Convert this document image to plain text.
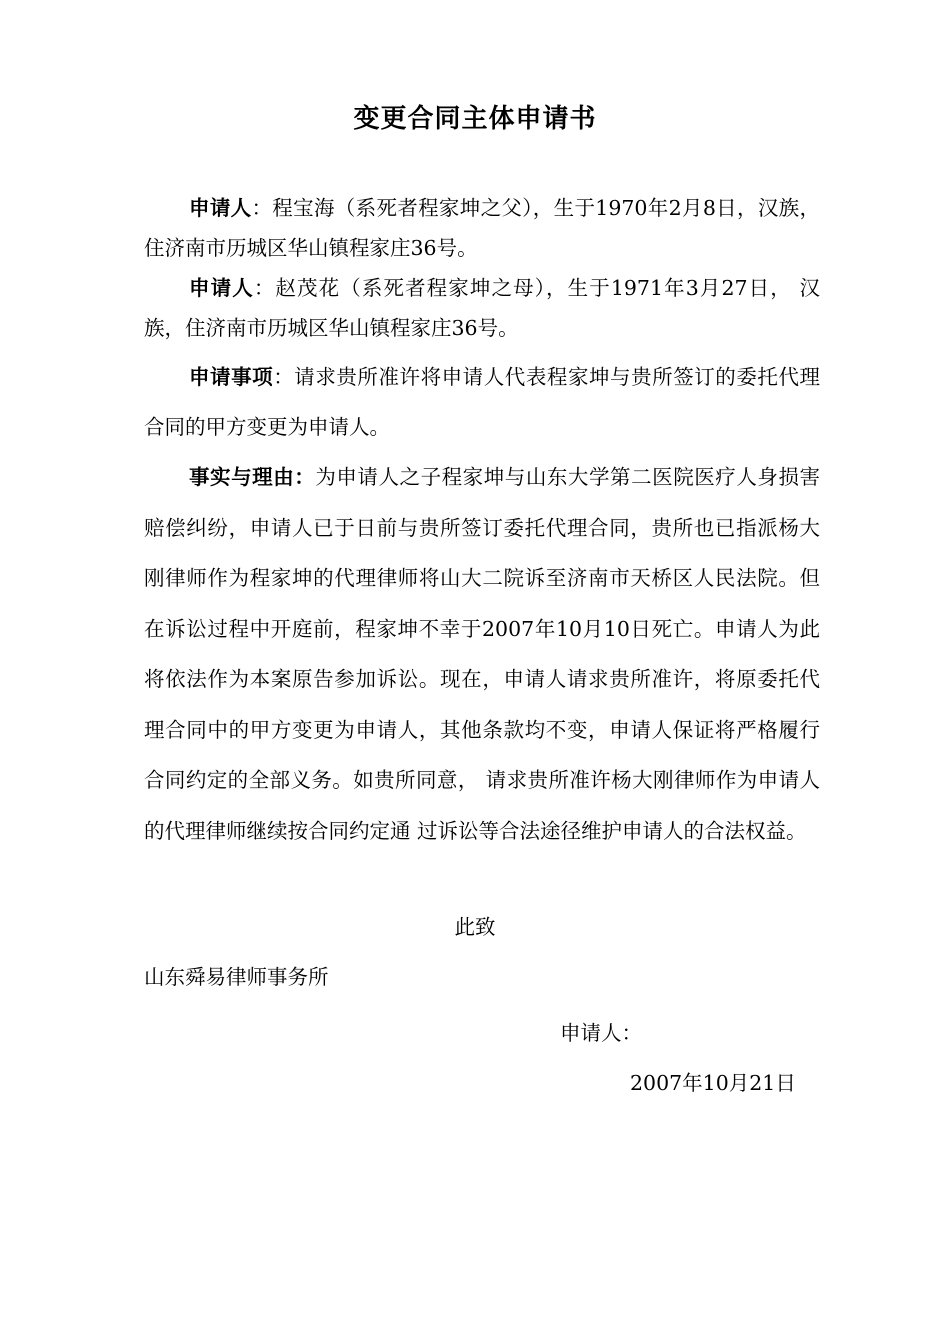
变更合同主体申请书

申请人：程宝海（系死者程家坤之父），生于1970年2月8日，汉族，住济南市历城区华山镇程家庄36号。

申请人：赵茂花（系死者程家坤之母），生于1971年3月27日， 汉族，住济南市历城区华山镇程家庄36号。

申请事项：请求贵所准许将申请人代表程家坤与贵所签订的委托代理合同的甲方变更为申请人。

事实与理由：为申请人之子程家坤与山东大学第二医院医疗人身损害赔偿纠纷，申请人已于日前与贵所签订委托代理合同，贵所也已指派杨大刚律师作为程家坤的代理律师将山大二院诉至济南市天桥区人民法院。但在诉讼过程中开庭前，程家坤不幸于2007年10月10日死亡。申请人为此将依法作为本案原告参加诉讼。现在，申请人请求贵所准许，将原委托代理合同中的甲方变更为申请人，其他条款均不变，申请人保证将严格履行合同约定的全部义务。如贵所同意， 请求贵所准许杨大刚律师作为申请人的代理律师继续按合同约定通 过诉讼等合法途径维护申请人的合法权益。

此致

山东舜易律师事务所

申请人：

2007年10月21日
